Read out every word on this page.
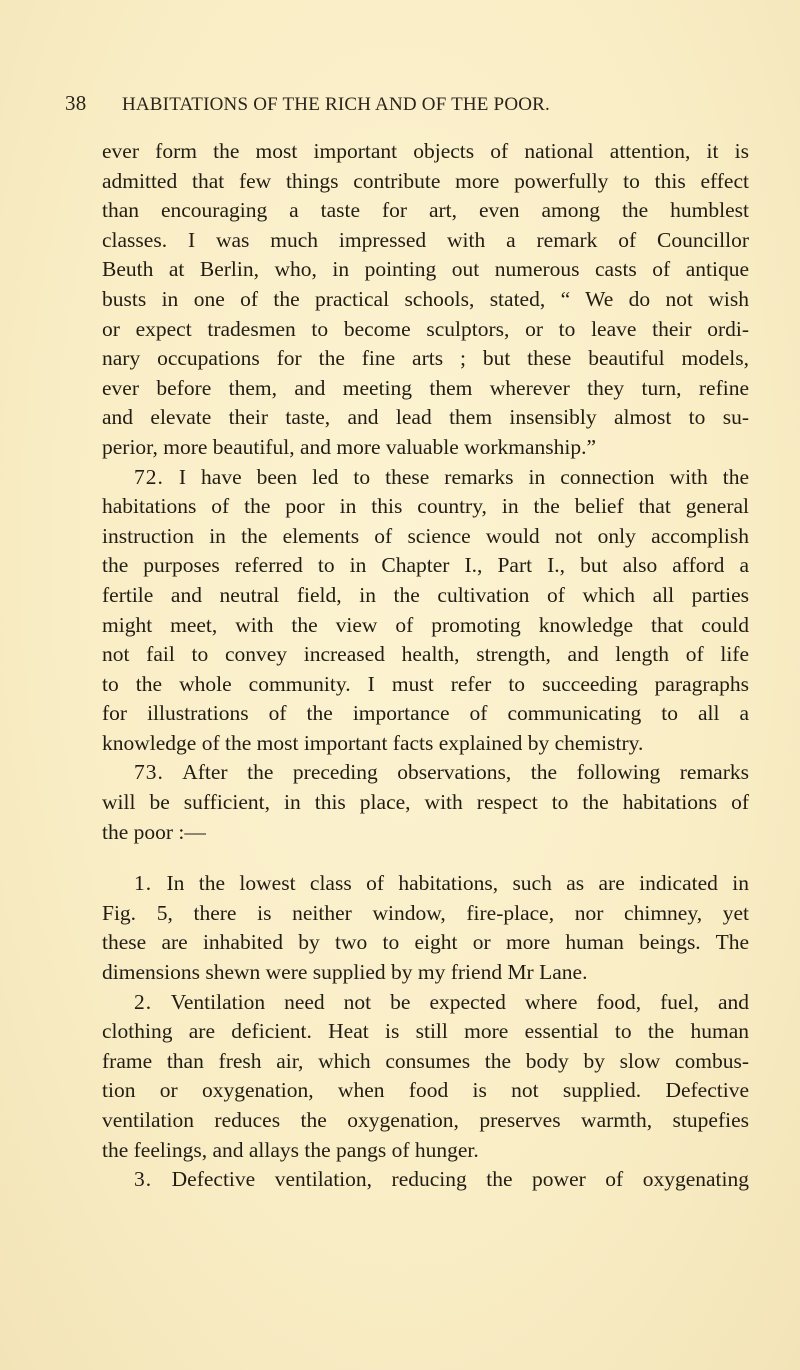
38 HABITATIONS OF THE RICH AND OF THE POOR.
ever form the most important objects of national attention, it is
admitted that few things contribute more powerfully to this effect
than encouraging a taste for art, even among the humblest
classes. I was much impressed with a remark of Councillor
Beuth at Berlin, who, in pointing out numerous casts of antique
busts in one of the practical schools, stated, “ We do not wish
or expect tradesmen to become sculptors, or to leave their ordi-
nary occupations for the fine arts ; but these beautiful models,
ever before them, and meeting them wherever they turn, refine
and elevate their taste, and lead them insensibly almost to su-
perior, more beautiful, and more valuable workmanship.”
72. I have been led to these remarks in connection with the
habitations of the poor in this country, in the belief that general
instruction in the elements of science would not only accomplish
the purposes referred to in Chapter I., Part I., but also afford a
fertile and neutral field, in the cultivation of which all parties
might meet, with the view of promoting knowledge that could
not fail to convey increased health, strength, and length of life
to the whole community. I must refer to succeeding paragraphs
for illustrations of the importance of communicating to all a
knowledge of the most important facts explained by chemistry.
73. After the preceding observations, the following remarks
will be sufficient, in this place, with respect to the habitations of
the poor :—
1. In the lowest class of habitations, such as are indicated in
Fig. 5, there is neither window, fire-place, nor chimney, yet
these are inhabited by two to eight or more human beings. The
dimensions shewn were supplied by my friend Mr Lane.
2. Ventilation need not be expected where food, fuel, and
clothing are deficient. Heat is still more essential to the human
frame than fresh air, which consumes the body by slow combus-
tion or oxygenation, when food is not supplied. Defective
ventilation reduces the oxygenation, preserves warmth, stupefies
the feelings, and allays the pangs of hunger.
3. Defective ventilation, reducing the power of oxygenating
